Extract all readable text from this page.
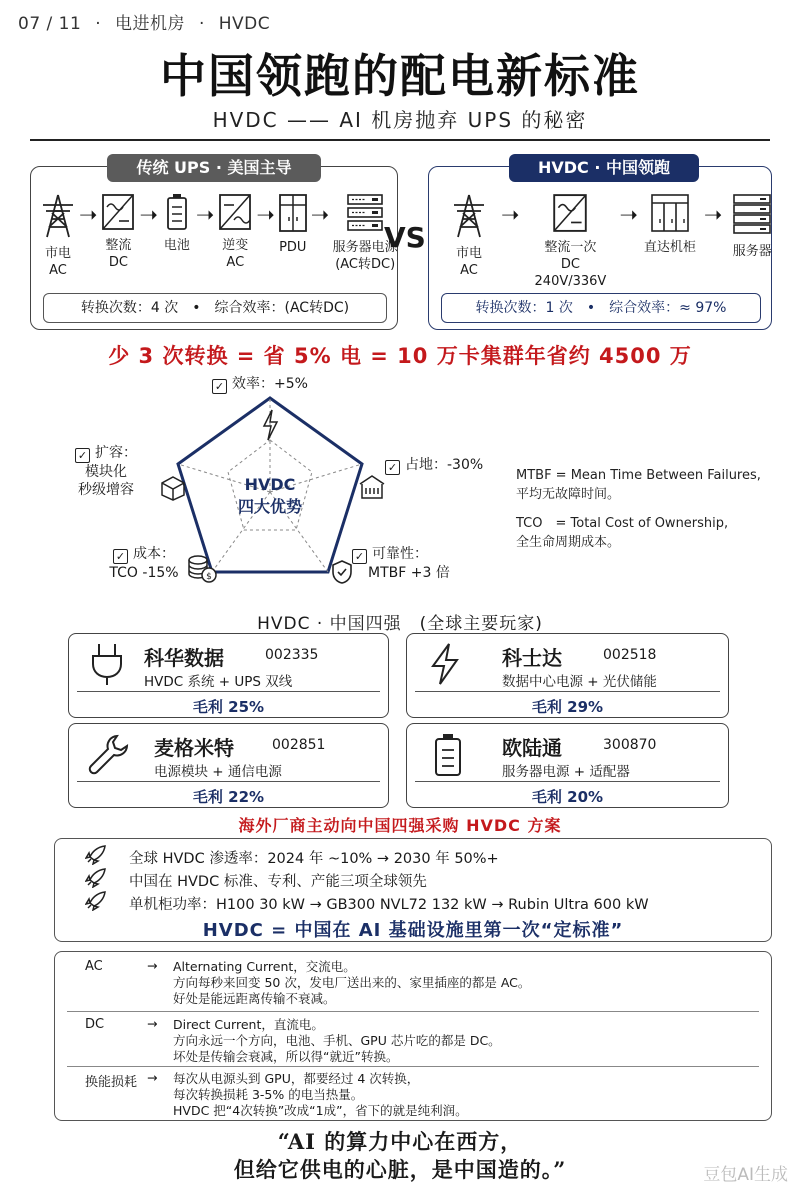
07 / 11 · 电进机房 · HVDC
中国领跑的配电新标准
HVDC —— AI 机房抛弃 UPS 的秘密
传统 UPS · 美国主导
市电
AC
➝
整流
DC
➝
电池
➝
逆变
AC
➝
PDU
➝
服务器电源
(AC转DC)
转换次数：4 次　•　综合效率：(AC转DC)
VS
HVDC · 中国领跑
市电
AC
➝
整流一次
DC 240V/336V
➝
直达机柜
➝
服务器
转换次数：1 次　•　综合效率：≈ 97%
少 3 次转换 = 省 5% 电 = 10 万卡集群年省约 4500 万
$
HVDC
四大优势
✓ 效率：+5%
✓ 扩容：
模块化
秒级增容
✓ 占地：-30%
✓ 成本：
TCO -15%
✓ 可靠性：
MTBF +3 倍
MTBF = Mean Time Between Failures,
平均无故障时间。
TCO　= Total Cost of Ownership,
全生命周期成本。
HVDC · 中国四强　(全球主要玩家)
科华数据	002335
HVDC 系统 + UPS 双线
毛利 25%
科士达	002518
数据中心电源 + 光伏储能
毛利 29%
麦格米特	002851
电源模块 + 通信电源
毛利 22%
欧陆通	300870
服务器电源 + 适配器
毛利 20%
海外厂商主动向中国四强采购 HVDC 方案
全球 HVDC 渗透率：2024 年 ~10% → 2030 年 50%+
中国在 HVDC 标准、专利、产能三项全球领先
单机柜功率：H100 30 kW → GB300 NVL72 132 kW → Rubin Ultra 600 kW
HVDC = 中国在 AI 基础设施里第一次“定标准”
AC	→ Alternating Current，交流电。
方向每秒来回变 50 次，发电厂送出来的、家里插座的都是 AC。
好处是能远距离传输不衰减。
DC	→ Direct Current，直流电。
方向永远一个方向，电池、手机、GPU 芯片吃的都是 DC。
坏处是传输会衰减，所以得“就近”转换。
换能损耗 → 每次从电源头到 GPU，都要经过 4 次转换，
每次转换损耗 3-5% 的电当热量。
HVDC 把“4次转换”改成“1成”，省下的就是纯利润。
“AI 的算力中心在西方，
但给它供电的心脏，是中国造的。”	豆包AI生成
